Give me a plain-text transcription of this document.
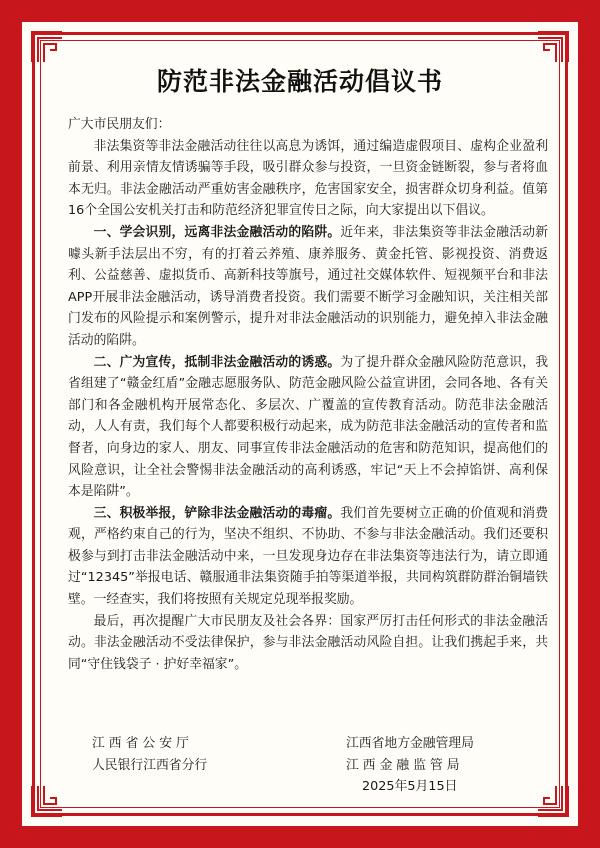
防范非法金融活动倡议书

广大市民朋友们：

非法集资等非法金融活动往往以高息为诱饵，通过编造虚假项目、虚构企业盈利前景、利用亲情友情诱骗等手段，吸引群众参与投资，一旦资金链断裂，参与者将血本无归。非法金融活动严重妨害金融秩序，危害国家安全，损害群众切身利益。值第16个全国公安机关打击和防范经济犯罪宣传日之际，向大家提出以下倡议。

一、学会识别，远离非法金融活动的陷阱。近年来，非法集资等非法金融活动新噱头新手法层出不穷，有的打着云养殖、康养服务、黄金托管、影视投资、消费返利、公益慈善、虚拟货币、高新科技等旗号，通过社交媒体软件、短视频平台和非法APP开展非法金融活动，诱导消费者投资。我们需要不断学习金融知识，关注相关部门发布的风险提示和案例警示，提升对非法金融活动的识别能力，避免掉入非法金融活动的陷阱。

二、广为宣传，抵制非法金融活动的诱惑。为了提升群众金融风险防范意识，我省组建了“赣金红盾”金融志愿服务队、防范金融风险公益宣讲团，会同各地、各有关部门和各金融机构开展常态化、多层次、广覆盖的宣传教育活动。防范非法金融活动，人人有责，我们每个人都要积极行动起来，成为防范非法金融活动的宣传者和监督者，向身边的家人、朋友、同事宣传非法金融活动的危害和防范知识，提高他们的风险意识，让全社会警惕非法金融活动的高利诱惑，牢记“天上不会掉馅饼、高利保本是陷阱”。

三、积极举报，铲除非法金融活动的毒瘤。我们首先要树立正确的价值观和消费观，严格约束自己的行为，坚决不组织、不协助、不参与非法金融活动。我们还要积极参与到打击非法金融活动中来，一旦发现身边存在非法集资等违法行为，请立即通过“12345”举报电话、赣服通非法集资随手拍等渠道举报，共同构筑群防群治铜墙铁壁。一经查实，我们将按照有关规定兑现举报奖励。

最后，再次提醒广大市民朋友及社会各界：国家严厉打击任何形式的非法金融活动。非法金融活动不受法律保护，参与非法金融活动风险自担。让我们携起手来，共同“守住钱袋子 · 护好幸福家”。

江西省公安厅
人民银行江西省分行
江西省地方金融管理局
江西金融监管局
2025年5月15日
